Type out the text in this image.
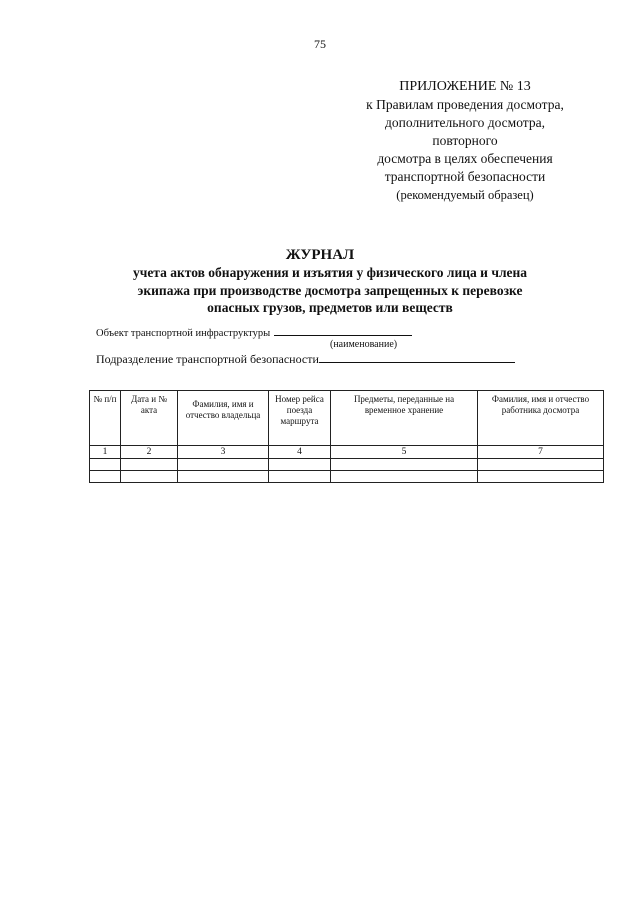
75
ПРИЛОЖЕНИЕ № 13
к Правилам проведения досмотра,
дополнительного досмотра,
повторного
досмотра в целях обеспечения
транспортной безопасности
(рекомендуемый образец)
ЖУРНАЛ
учета актов обнаружения и изъятия у физического лица и члена
экипажа при производстве досмотра запрещенных к перевозке
опасных грузов, предметов или веществ
Объект транспортной инфраструктуры
(наименование)
Подразделение транспортной безопасности
№ п/п	Дата и № акта	Фамилия, имя и отчество владельца	Номер рейса поезда маршрута	Предметы, переданные на временное хранение	Фамилия, имя и отчество работника досмотра
1	2	3	4	5	7
